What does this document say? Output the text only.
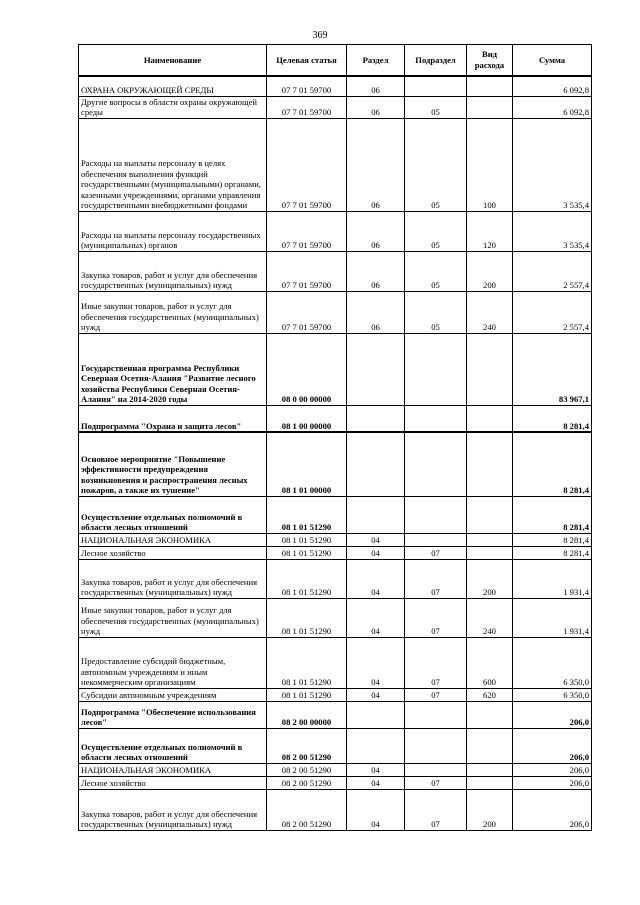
369
Наименование	Целевая статья	Раздел	Подраздел	Вид расхода	Сумма
ОХРАНА ОКРУЖАЮЩЕЙ СРЕДЫ	07 7 01 59700	06			6 092,8
Другие вопросы в области охраны окружающей среды	07 7 01 59700	06	05		6 092,8
Расходы на выплаты персоналу в целях обеспечения выполнения функций государственными (муниципальными) органами, казенными учреждениями, органами управления государственными внебюджетными фондами	07 7 01 59700	06	05	100	3 535,4
Расходы на выплаты персоналу государственных (муниципальных) органов	07 7 01 59700	06	05	120	3 535,4
Закупка товаров, работ и услуг для обеспечения государственных (муниципальных) нужд	07 7 01 59700	06	05	200	2 557,4
Иные закупки товаров, работ и услуг для обеспечения государственных (муниципальных) нужд	07 7 01 59700	06	05	240	2 557,4
Государственная программа Республики Северная Осетия-Алания "Развитие лесного хозяйства Республики Северная Осетия-Алания" на 2014-2020 годы	08 0 00 00000				83 967,1
Подпрограмма "Охрана и защита лесов"	08 1 00 00000				8 281,4
Основное мероприятие "Повышение эффективности предупреждения возникновения и распространения лесных пожаров, а также их тушение"	08 1 01 00000				8 281,4
Осуществление отдельных полномочий в области лесных отношений	08 1 01 51290				8 281,4
НАЦИОНАЛЬНАЯ ЭКОНОМИКА	08 1 01 51290	04			8 281,4
Лесное хозяйство	08 1 01 51290	04	07		8 281,4
Закупка товаров, работ и услуг для обеспечения государственных (муниципальных) нужд	08 1 01 51290	04	07	200	1 931,4
Иные закупки товаров, работ и услуг для обеспечения государственных (муниципальных) нужд	08 1 01 51290	04	07	240	1 931,4
Предоставление субсидий бюджетным, автономным учреждениям и иным некоммерческим организациям	08 1 01 51290	04	07	600	6 350,0
Субсидии автономным учреждениям	08 1 01 51290	04	07	620	6 350,0
Подпрограмма "Обеспечение использования лесов"	08 2 00 00000				206,0
Осуществление отдельных полномочий в области лесных отношений	08 2 00 51290				206,0
НАЦИОНАЛЬНАЯ ЭКОНОМИКА	08 2 00 51290	04			206,0
Лесное хозяйство	08 2 00 51290	04	07		206,0
Закупка товаров, работ и услуг для обеспечения государственных (муниципальных) нужд	08 2 00 51290	04	07	200	206,0
